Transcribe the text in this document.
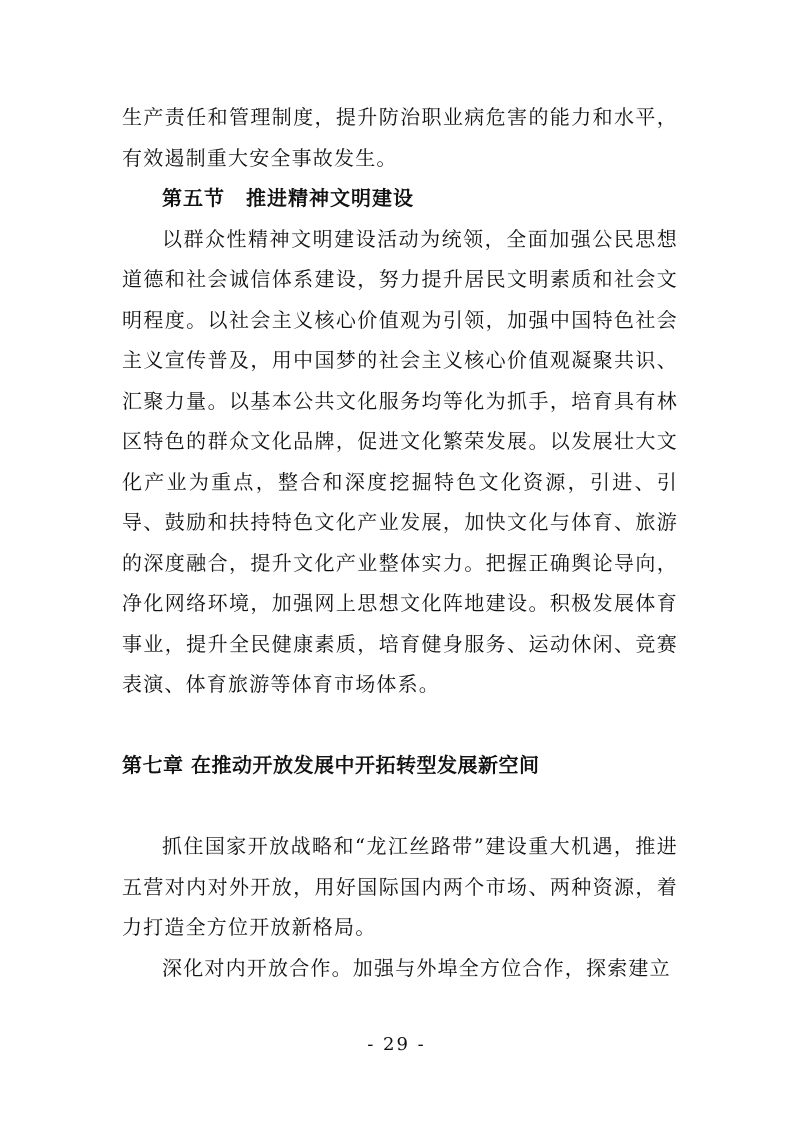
生产责任和管理制度，提升防治职业病危害的能力和水平，有效遏制重大安全事故发生。

第五节　推进精神文明建设

以群众性精神文明建设活动为统领，全面加强公民思想道德和社会诚信体系建设，努力提升居民文明素质和社会文明程度。以社会主义核心价值观为引领，加强中国特色社会主义宣传普及，用中国梦的社会主义核心价值观凝聚共识、汇聚力量。以基本公共文化服务均等化为抓手，培育具有林区特色的群众文化品牌，促进文化繁荣发展。以发展壮大文化产业为重点，整合和深度挖掘特色文化资源，引进、引导、鼓励和扶持特色文化产业发展，加快文化与体育、旅游的深度融合，提升文化产业整体实力。把握正确舆论导向，净化网络环境，加强网上思想文化阵地建设。积极发展体育事业，提升全民健康素质，培育健身服务、运动休闲、竞赛表演、体育旅游等体育市场体系。

第七章 在推动开放发展中开拓转型发展新空间

抓住国家开放战略和“龙江丝路带”建设重大机遇，推进五营对内对外开放，用好国际国内两个市场、两种资源，着力打造全方位开放新格局。

深化对内开放合作。加强与外埠全方位合作，探索建立

- 29 -
